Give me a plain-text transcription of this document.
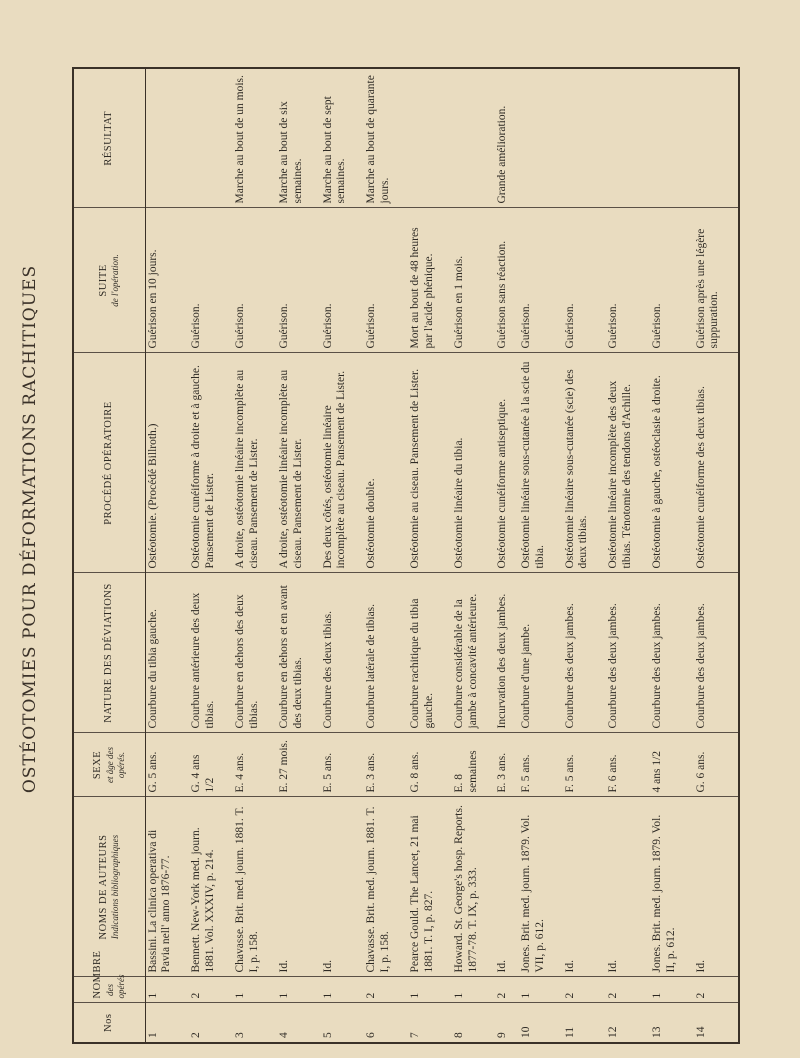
OSTÉOTOMIES POUR DÉFORMATIONS RACHITIQUES
Nos	NOMBRE des opérés	NOMS DE AUTEURS Indications bibliographiques	SEXE et âge des opérés.	NATURE DES DÉVIATIONS	PROCÉDÉ OPÉRATOIRE	SUITE de l'opération.	RÉSULTAT
1	1	Bassini. La clinica operativa di Pavia nell' anno 1876-77.	G. 5 ans.	Courbure du tibia gauche.	Ostéotomie. (Procédé Billroth.)	Guérison en 10 jours.	
2	2	Bennett. New-York med. journ. 1881. Vol. XXXIV, p. 214.	G. 4 ans 1/2	Courbure antérieure des deux tibias.	Ostéotomie cunéiforme à droite et à gauche. Pansement de Lister.	Guérison.	
3	1	Chavasse. Brit. med. journ. 1881. T. I, p. 158.	E. 4 ans.	Courbure en dehors des deux tibias.	A droite, ostéotomie linéaire incomplète au ciseau. Pansement de Lister.	Guérison.	Marche au bout de un mois.
4	1	Id.	E. 27 mois.	Courbure en dehors et en avant des deux tibias.	A droite, ostéotomie linéaire incomplète au ciseau. Pansement de Lister.	Guérison.	Marche au bout de six semaines.
5	1	Id.	E. 5 ans.	Courbure des deux tibias.	Des deux côtés, ostéotomie linéaire incomplète au ciseau. Pansement de Lister.	Guérison.	Marche au bout de sept semaines.
6	2	Chavasse. Brit. med. journ. 1881. T. I, p. 158.	E. 3 ans.	Courbure latérale de tibias.	Ostéotomie double.	Guérison.	Marche au bout de quarante jours.
7	1	Pearce Gould. The Lancet, 21 mai 1881. T. I, p. 827.	G. 8 ans.	Courbure rachitique du tibia gauche.	Ostéotomie au ciseau. Pansement de Lister.	Mort au bout de 48 heures par l'acide phénique.	
8	1	Howard. St. George's hosp. Reports. 1877-78. T. IX, p. 333.	E. 8 semaines	Courbure considérable de la jambe à concavité antérieure.	Ostéotomie linéaire du tibia.	Guérison en 1 mois.	
9	2	Id.	E. 3 ans.	Incurvation des deux jambes.	Ostéotomie cunéiforme antiseptique.	Guérison sans réaction.	Grande amélioration.
10	1	Jones. Brit. med. journ. 1879. Vol. VII, p. 612.	F. 5 ans.	Courbure d'une jambe.	Ostéotomie linéaire sous-cutanée à la scie du tibia.	Guérison.	
11	2	Id.	F. 5 ans.	Courbure des deux jambes.	Ostéotomie linéaire sous-cutanée (scie) des deux tibias.	Guérison.	
12	2	Id.	F. 6 ans.	Courbure des deux jambes.	Ostéotomie linéaire incomplète des deux tibias. Ténotomie des tendons d'Achille.	Guérison.	
13	1	Jones. Brit. med. journ. 1879. Vol. II, p. 612.	4 ans 1/2	Courbure des deux jambes.	Ostéotomie à gauche, ostéoclasie à droite.	Guérison.	
14	2	Id.	G. 6 ans.	Courbure des deux jambes.	Ostéotomie cunéiforme des deux tibias.	Guérison après une légère suppuration.	
